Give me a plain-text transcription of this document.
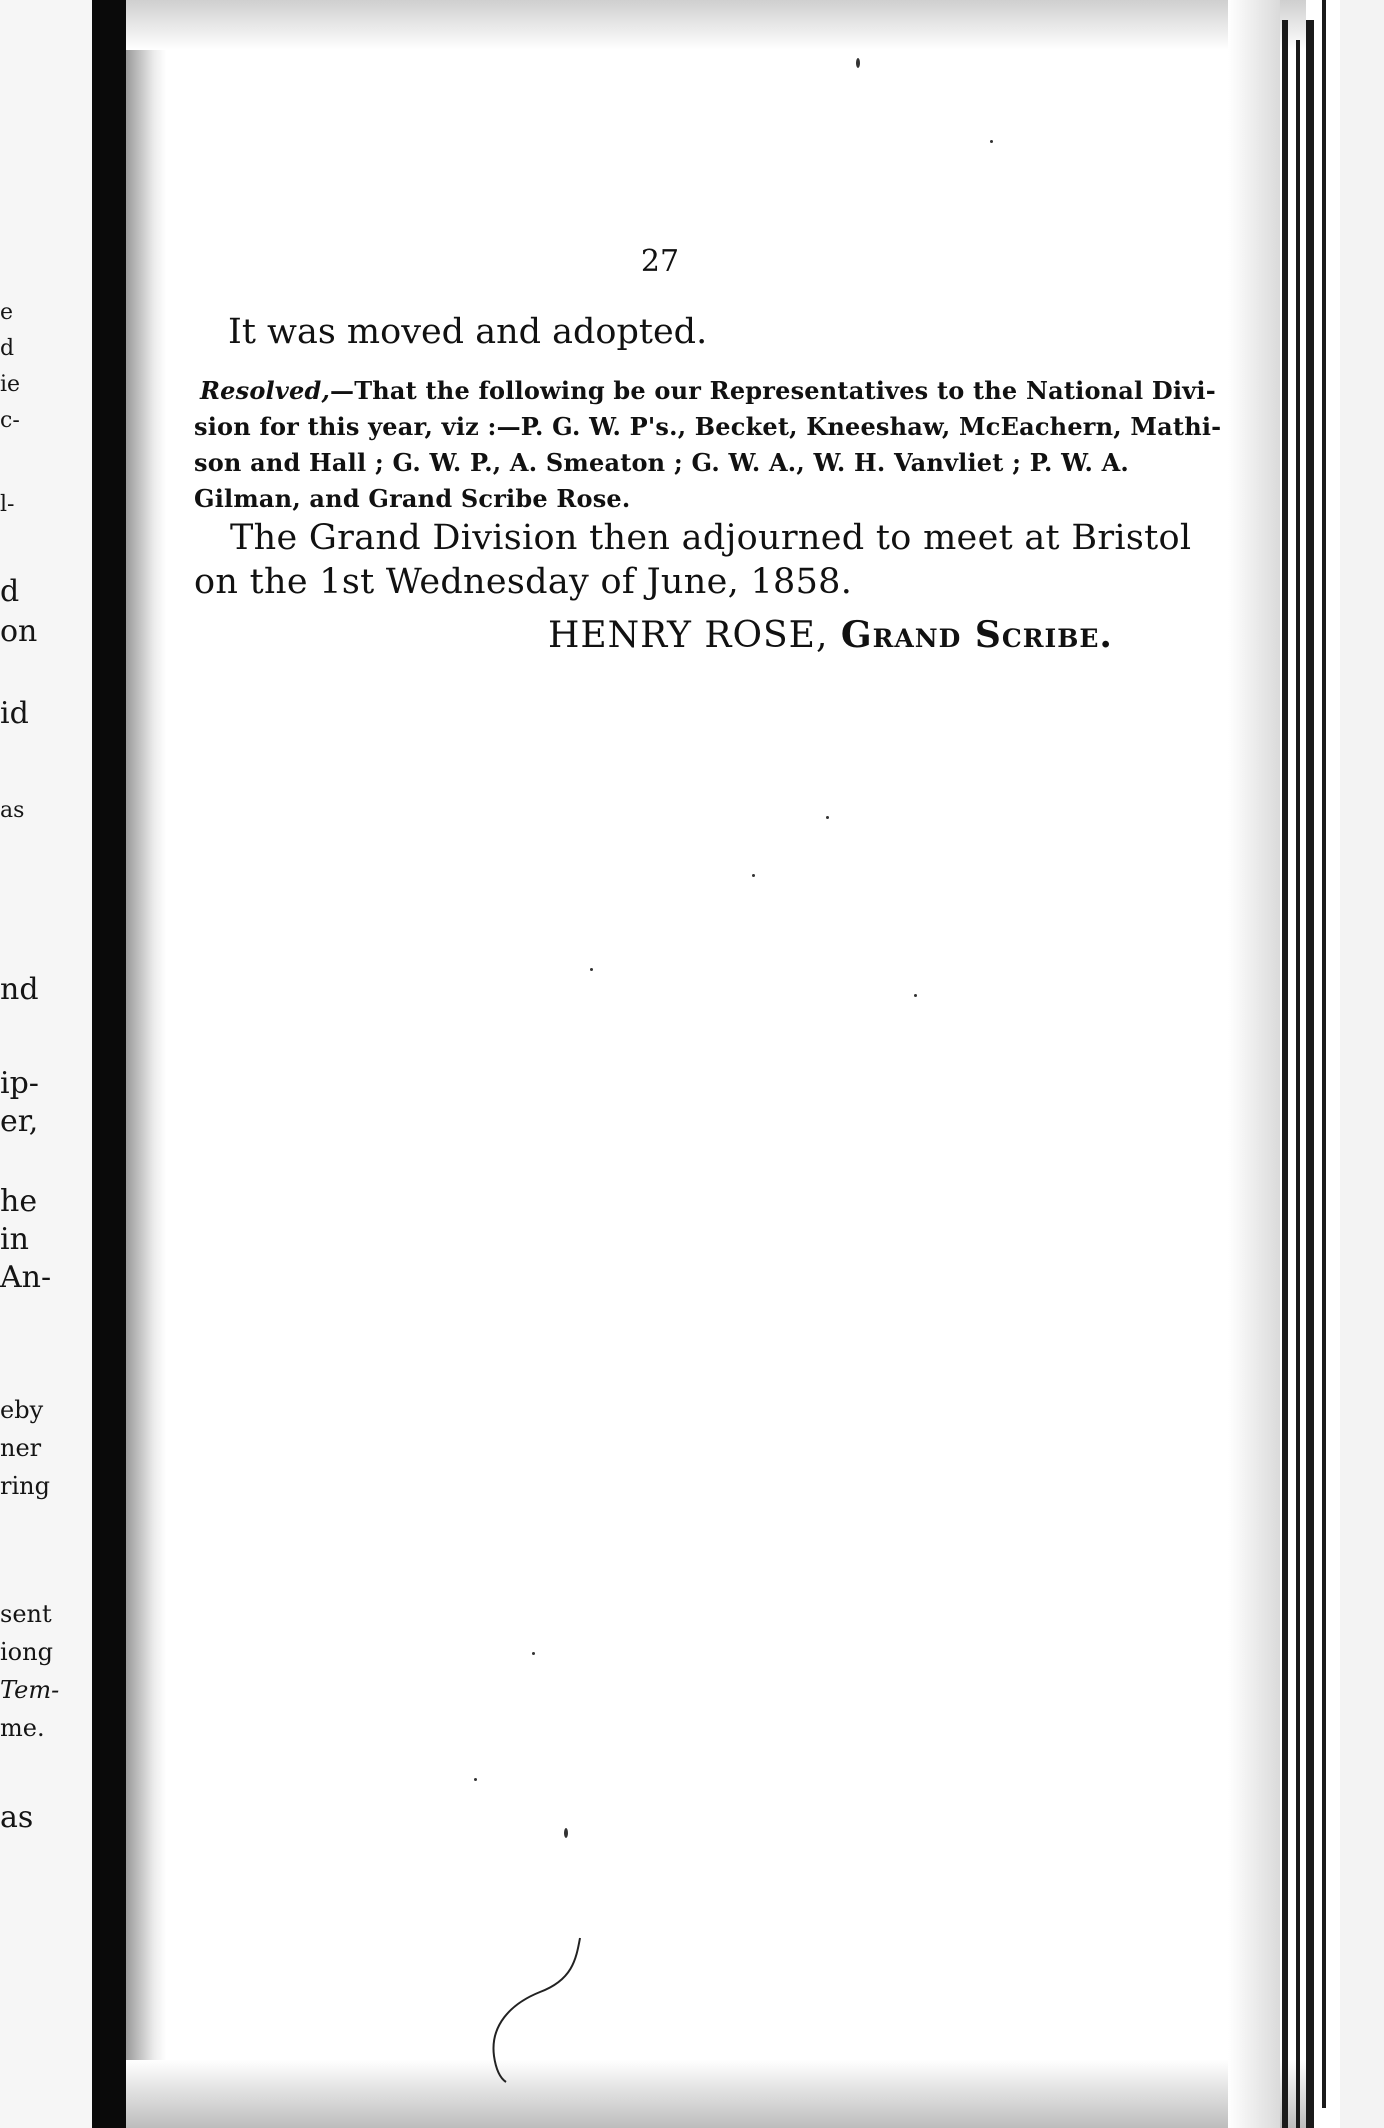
e
d
ie
c-
l-
d
on
id
as
nd
ip-
er,
he
in
An-
eby
ner
ring
sent
iong
Tem-
me.
as
27
It was moved and adopted.
Resolved,—That the following be our Representatives to the National Divi-
sion for this year, viz :—P. G. W. P's., Becket, Kneeshaw, McEachern, Mathi-
son and Hall ; G. W. P., A. Smeaton ; G. W. A., W. H. Vanvliet ; P. W. A.
Gilman, and Grand Scribe Rose.
The Grand Division then adjourned to meet at Bristol
on the 1st Wednesday of June, 1858.
HENRY ROSE, Grand Scribe.
